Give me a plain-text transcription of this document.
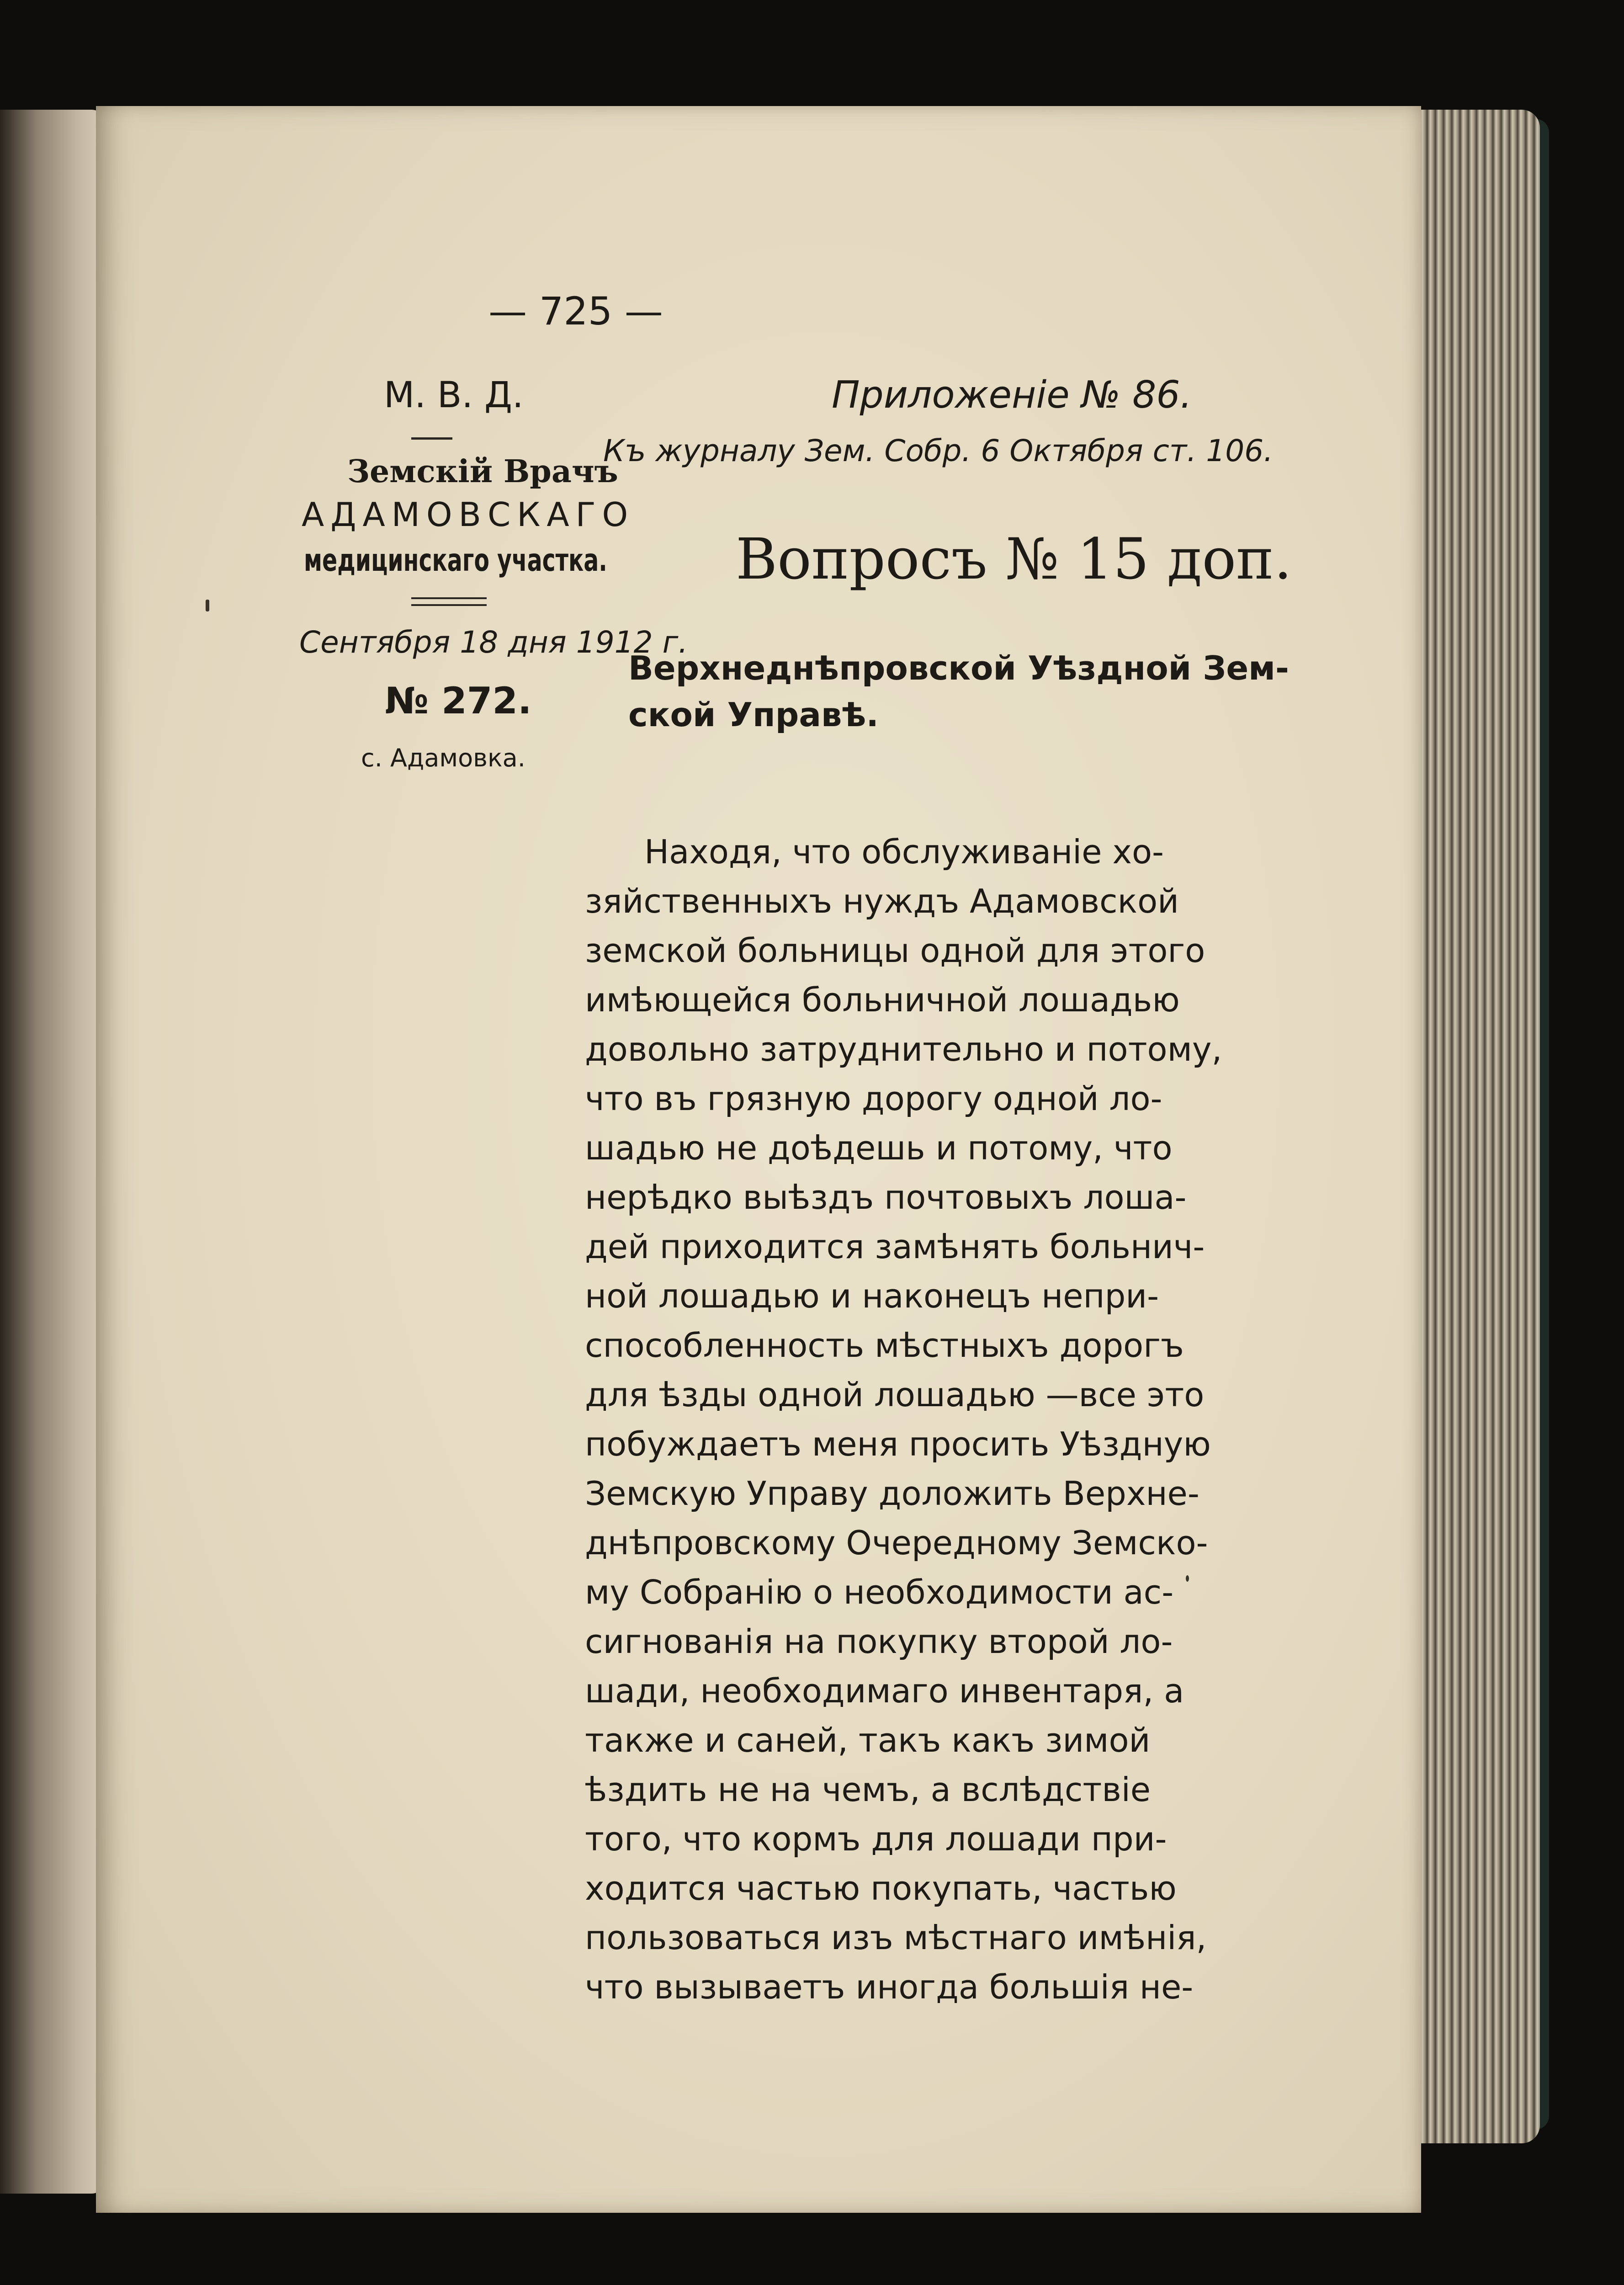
— 725 —

М. В. Д.

Земскій Врачъ

АДАМОВСКАГО

медицинскаго участка.

Сентября 18 дня 1912 г.

№ 272.

с. Адамовка.

Приложеніе № 86.

Къ журналу Зем. Собр. 6 Октября ст. 106.

Вопросъ № 15 доп.

Верхнеднѣпровской Уѣздной Зем-

ской Управѣ.

Находя, что обслуживаніе хо-

зяйственныхъ нуждъ Адамовской

земской больницы одной для этого

имѣющейся больничной лошадью

довольно затруднительно и потому,

что въ грязную дорогу одной ло-

шадью не доѣдешь и потому, что

нерѣдко выѣздъ почтовыхъ лоша-

дей приходится замѣнять больнич-

ной лошадью и наконецъ непри-

способленность мѣстныхъ дорогъ

для ѣзды одной лошадью —все это

побуждаетъ меня просить Уѣздную

Земскую Управу доложить Верхне-

днѣпровскому Очередному Земско-

му Собранію о необходимости ас-

сигнованія на покупку второй ло-

шади, необходимаго инвентаря, а

также и саней, такъ какъ зимой

ѣздить не на чемъ, а вслѣдствіе

того, что кормъ для лошади при-

ходится частью покупать, частью

пользоваться изъ мѣстнаго имѣнія,

что вызываетъ иногда большія не-
